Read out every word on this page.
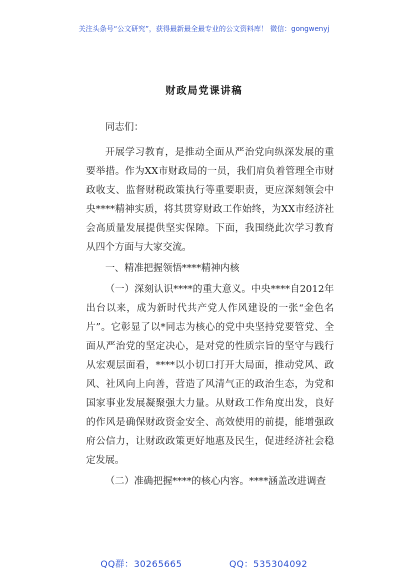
关注头条号“公文研究”，获得最新最全最专业的公文资料库！ 微信：gongwenyj
财政局党课讲稿

同志们：

开展学习教育，是推动全面从严治党向纵深发展的重要举措。作为XX市财政局的一员，我们肩负着管理全市财政收支、监督财税政策执行等重要职责，更应深刻领会中央****精神实质，将其贯穿财政工作始终，为XX市经济社会高质量发展提供坚实保障。下面，我围绕此次学习教育从四个方面与大家交流。

一、精准把握领悟****精神内核

（一）深刻认识****的重大意义。中央****自2012年出台以来，成为新时代共产党人作风建设的一张“金色名片”。它彰显了以*同志为核心的党中央坚持党要管党、全面从严治党的坚定决心，是对党的性质宗旨的坚守与践行从宏观层面看，****以小切口打开大局面，推动党风、政风、社风向上向善，营造了风清气正的政治生态，为党和国家事业发展凝聚强大力量。从财政工作角度出发，良好的作风是确保财政资金安全、高效使用的前提，能增强政府公信力，让财政政策更好地惠及民生，促进经济社会稳定发展。

（二）准确把握****的核心内容。****涵盖改进调查

QQ群：30265665	QQ：535304092
